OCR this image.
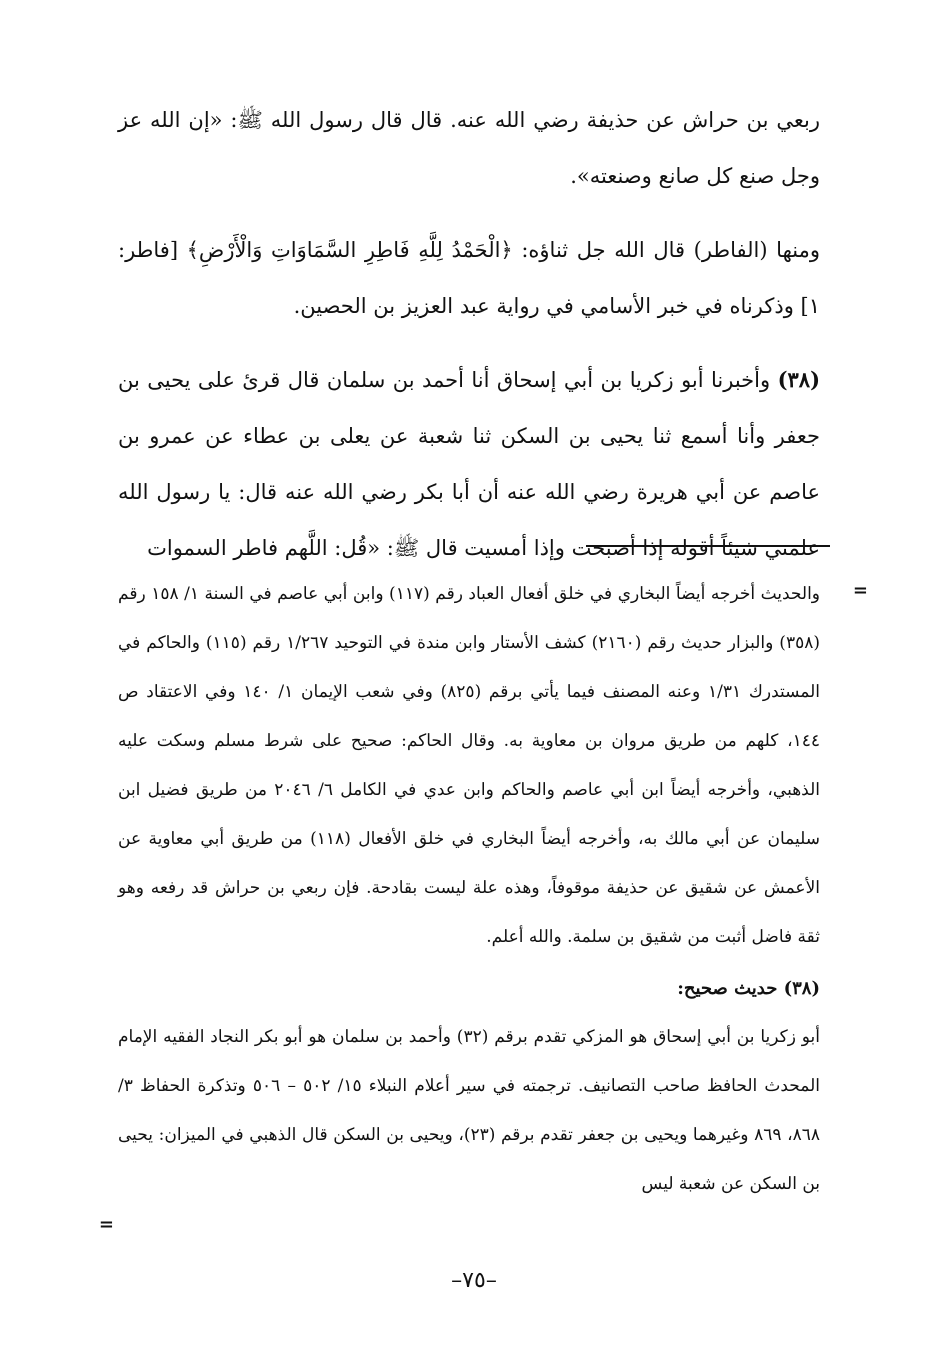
ربعي بن حراش عن حذيفة رضي الله عنه. قال قال رسول الله ﷺ: «إن الله عز وجل صنع كل صانع وصنعته».

ومنها (الفاطر) قال الله جل ثناؤه: ﴿الْحَمْدُ لِلَّهِ فَاطِرِ السَّمَاوَاتِ وَالْأَرْضِ﴾ [فاطر: ١] وذكرناه في خبر الأسامي في رواية عبد العزيز بن الحصين.

(٣٨) وأخبرنا أبو زكريا بن أبي إسحاق أنا أحمد بن سلمان قال قرئ على يحيى بن جعفر وأنا أسمع ثنا يحيى بن السكن ثنا شعبة عن يعلى بن عطاء عن عمرو بن عاصم عن أبي هريرة رضي الله عنه أن أبا بكر رضي الله عنه قال: يا رسول الله علمني شيئاً أقوله إذا أصبحت وإذا أمسيت قال ﷺ: «قُل: اللَّهم فاطر السموات

=

والحديث أخرجه أيضاً البخاري في خلق أفعال العباد رقم (١١٧) وابن أبي عاصم في السنة ١/ ١٥٨ رقم (٣٥٨) والبزار حديث رقم (٢١٦٠) كشف الأستار وابن مندة في التوحيد ١/٢٦٧ رقم (١١٥) والحاكم في المستدرك ١/٣١ وعنه المصنف فيما يأتي برقم (٨٢٥) وفي شعب الإيمان ١/ ١٤٠ وفي الاعتقاد ص ١٤٤، كلهم من طريق مروان بن معاوية به. وقال الحاكم: صحيح على شرط مسلم وسكت عليه الذهبي، وأخرجه أيضاً ابن أبي عاصم والحاكم وابن عدي في الكامل ٦/ ٢٠٤٦ من طريق فضيل ابن سليمان عن أبي مالك به، وأخرجه أيضاً البخاري في خلق الأفعال (١١٨) من طريق أبي معاوية عن الأعمش عن شقيق عن حذيفة موقوفاً، وهذه علة ليست بقادحة. فإن ربعي بن حراش قد رفعه وهو ثقة فاضل أثبت من شقيق بن سلمة. والله أعلم.

(٣٨) حديث صحيح:

أبو زكريا بن أبي إسحاق هو المزكي تقدم برقم (٣٢) وأحمد بن سلمان هو أبو بكر النجاد الفقيه الإمام المحدث الحافظ صاحب التصانيف. ترجمته في سير أعلام النبلاء ١٥/ ٥٠٢ – ٥٠٦ وتذكرة الحفاظ ٣/ ٨٦٨، ٨٦٩ وغيرهما ويحيى بن جعفر تقدم برقم (٢٣)، ويحيى بن السكن قال الذهبي في الميزان: يحيى بن السكن عن شعبة ليس

=
–٧٥–
